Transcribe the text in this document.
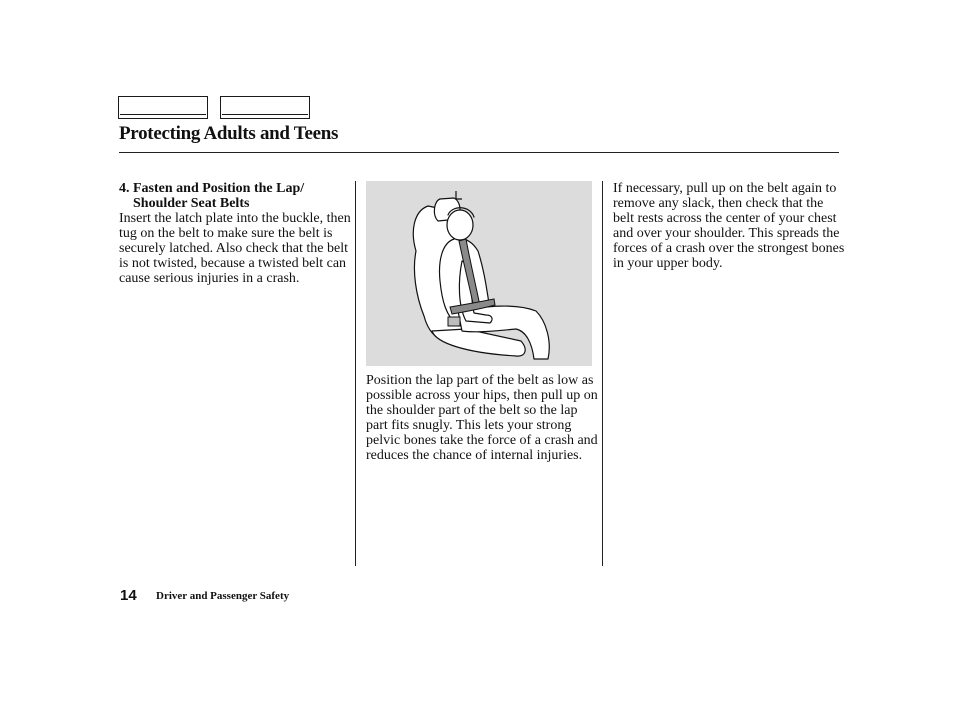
Protecting Adults and Teens

4. Fasten and Position the Lap/
Shoulder Seat Belts

Insert the latch plate into the buckle, then tug on the belt to make sure the belt is securely latched. Also check that the belt is not twisted, because a twisted belt can cause serious injuries in a crash.

Position the lap part of the belt as low as possible across your hips, then pull up on the shoulder part of the belt so the lap part fits snugly. This lets your strong pelvic bones take the force of a crash and reduces the chance of internal injuries.

If necessary, pull up on the belt again to remove any slack, then check that the belt rests across the center of your chest and over your shoulder. This spreads the forces of a crash over the strongest bones in your upper body.

14 Driver and Passenger Safety
